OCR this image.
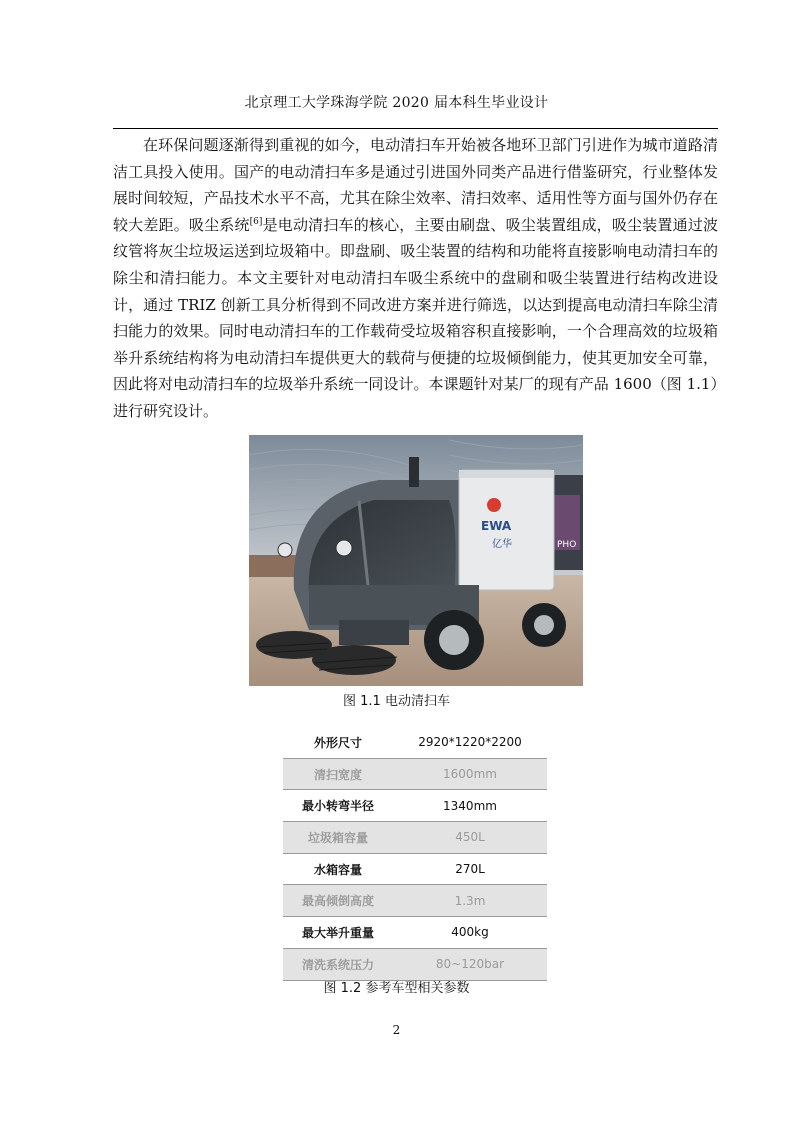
北京理工大学珠海学院 2020 届本科生毕业设计

在环保问题逐渐得到重视的如今，电动清扫车开始被各地环卫部门引进作为城市道路清洁工具投入使用。国产的电动清扫车多是通过引进国外同类产品进行借鉴研究，行业整体发展时间较短，产品技术水平不高，尤其在除尘效率、清扫效率、适用性等方面与国外仍存在较大差距。吸尘系统[6]是电动清扫车的核心，主要由刷盘、吸尘装置组成，吸尘装置通过波纹管将灰尘垃圾运送到垃圾箱中。即盘刷、吸尘装置的结构和功能将直接影响电动清扫车的除尘和清扫能力。本文主要针对电动清扫车吸尘系统中的盘刷和吸尘装置进行结构改进设计，通过 TRIZ 创新工具分析得到不同改进方案并进行筛选，以达到提高电动清扫车除尘清扫能力的效果。同时电动清扫车的工作载荷受垃圾箱容积直接影响，一个合理高效的垃圾箱举升系统结构将为电动清扫车提供更大的载荷与便捷的垃圾倾倒能力，使其更加安全可靠，因此将对电动清扫车的垃圾举升系统一同设计。本课题针对某厂的现有产品 1600（图 1.1）进行研究设计。

PHO
EWA
亿华
图 1.1 电动清扫车
外形尺寸	2920*1220*2200
清扫宽度	1600mm
最小转弯半径	1340mm
垃圾箱容量	450L
水箱容量	270L
最高倾倒高度	1.3m
最大举升重量	400kg
清洗系统压力	80~120bar
图 1.2 参考车型相关参数
2
